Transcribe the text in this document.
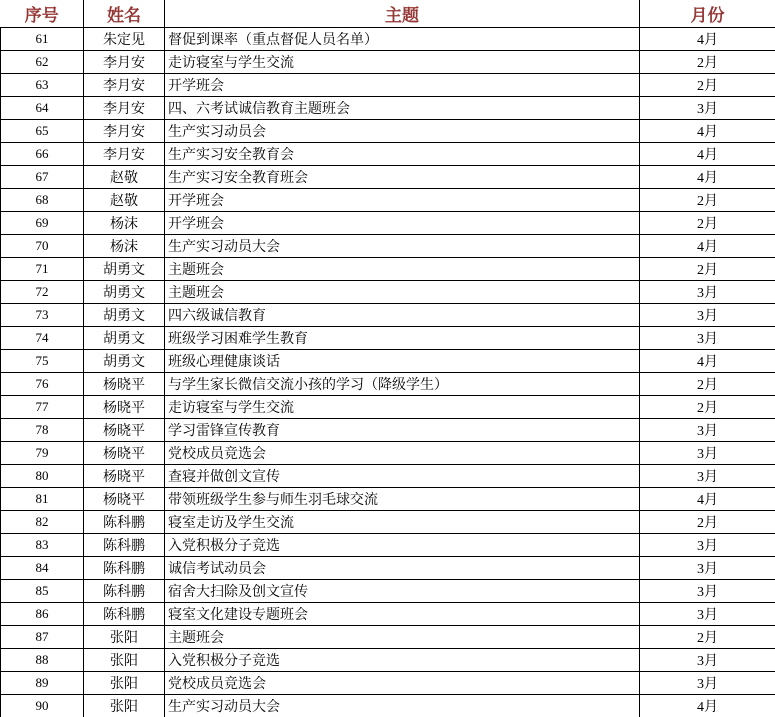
序号	姓名	主题	月份
61	朱定见	督促到课率（重点督促人员名单）	4月
62	李月安	走访寝室与学生交流	2月
63	李月安	开学班会	2月
64	李月安	四、六考试诚信教育主题班会	3月
65	李月安	生产实习动员会	4月
66	李月安	生产实习安全教育会	4月
67	赵敬	生产实习安全教育班会	4月
68	赵敬	开学班会	2月
69	杨沫	开学班会	2月
70	杨沫	生产实习动员大会	4月
71	胡勇文	主题班会	2月
72	胡勇文	主题班会	3月
73	胡勇文	四六级诚信教育	3月
74	胡勇文	班级学习困难学生教育	3月
75	胡勇文	班级心理健康谈话	4月
76	杨晓平	与学生家长微信交流小孩的学习（降级学生）	2月
77	杨晓平	走访寝室与学生交流	2月
78	杨晓平	学习雷锋宣传教育	3月
79	杨晓平	党校成员竞选会	3月
80	杨晓平	查寝并做创文宣传	3月
81	杨晓平	带领班级学生参与师生羽毛球交流	4月
82	陈科鹏	寝室走访及学生交流	2月
83	陈科鹏	入党积极分子竞选	3月
84	陈科鹏	诚信考试动员会	3月
85	陈科鹏	宿舍大扫除及创文宣传	3月
86	陈科鹏	寝室文化建设专题班会	3月
87	张阳	主题班会	2月
88	张阳	入党积极分子竞选	3月
89	张阳	党校成员竞选会	3月
90	张阳	生产实习动员大会	4月
